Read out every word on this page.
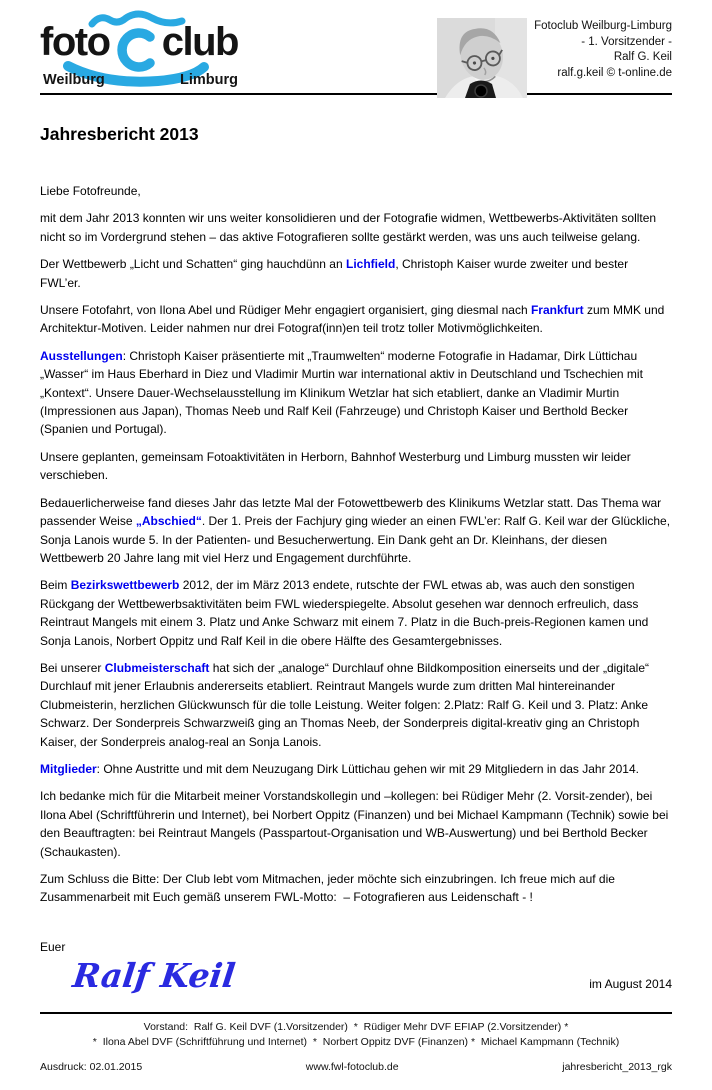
foto club
Weilburg	Limburg
Fotoclub Weilburg-Limburg
- 1. Vorsitzender -
Ralf G. Keil
ralf.g.keil © t-online.de
Jahresbericht 2013

Liebe Fotofreunde,

mit dem Jahr 2013 konnten wir uns weiter konsolidieren und der Fotografie widmen, Wettbewerbs-Aktivitäten sollten nicht so im Vordergrund stehen – das aktive Fotografieren sollte gestärkt werden, was uns auch teilweise gelang.

Der Wettbewerb „Licht und Schatten“ ging hauchdünn an Lichfield, Christoph Kaiser wurde zweiter und bester FWL’er.

Unsere Fotofahrt, von Ilona Abel und Rüdiger Mehr engagiert organisiert, ging diesmal nach Frankfurt zum MMK und Architektur-Motiven. Leider nahmen nur drei Fotograf(inn)en teil trotz toller Motivmöglichkeiten.

Ausstellungen: Christoph Kaiser präsentierte mit „Traumwelten“ moderne Fotografie in Hadamar, Dirk Lüttichau „Wasser“ im Haus Eberhard in Diez und Vladimir Murtin war international aktiv in Deutschland und Tschechien mit „Kontext“. Unsere Dauer-Wechselausstellung im Klinikum Wetzlar hat sich etabliert, danke an Vladimir Murtin (Impressionen aus Japan), Thomas Neeb und Ralf Keil (Fahrzeuge) und Christoph Kaiser und Berthold Becker (Spanien und Portugal).

Unsere geplanten, gemeinsam Fotoaktivitäten in Herborn, Bahnhof Westerburg und Limburg mussten wir leider verschieben.

Bedauerlicherweise fand dieses Jahr das letzte Mal der Fotowettbewerb des Klinikums Wetzlar statt. Das Thema war passender Weise „Abschied“. Der 1. Preis der Fachjury ging wieder an einen FWL’er: Ralf G. Keil war der Glückliche, Sonja Lanois wurde 5. In der Patienten- und Besucherwertung. Ein Dank geht an Dr. Kleinhans, der diesen Wettbewerb 20 Jahre lang mit viel Herz und Engagement durchführte.

Beim Bezirkswettbewerb 2012, der im März 2013 endete, rutschte der FWL etwas ab, was auch den sonstigen Rückgang der Wettbewerbsaktivitäten beim FWL wiederspiegelte. Absolut gesehen war dennoch erfreulich, dass Reintraut Mangels mit einem 3. Platz und Anke Schwarz mit einem 7. Platz in die Buch-preis-Regionen kamen und Sonja Lanois, Norbert Oppitz und Ralf Keil in die obere Hälfte des Gesamtergebnisses.

Bei unserer Clubmeisterschaft hat sich der „analoge“ Durchlauf ohne Bildkomposition einerseits und der „digitale“ Durchlauf mit jener Erlaubnis andererseits etabliert. Reintraut Mangels wurde zum dritten Mal hintereinander Clubmeisterin, herzlichen Glückwunsch für die tolle Leistung. Weiter folgen: 2.Platz: Ralf G. Keil und 3. Platz: Anke Schwarz. Der Sonderpreis Schwarzweiß ging an Thomas Neeb, der Sonderpreis digital-kreativ ging an Christoph Kaiser, der Sonderpreis analog-real an Sonja Lanois.

Mitglieder: Ohne Austritte und mit dem Neuzugang Dirk Lüttichau gehen wir mit 29 Mitgliedern in das Jahr 2014.

Ich bedanke mich für die Mitarbeit meiner Vorstandskollegin und –kollegen: bei Rüdiger Mehr (2. Vorsit-zender), bei Ilona Abel (Schriftführerin und Internet), bei Norbert Oppitz (Finanzen) und bei Michael Kampmann (Technik) sowie bei den Beauftragten: bei Reintraut Mangels (Passpartout-Organisation und WB-Auswertung) und bei Berthold Becker (Schaukasten).

Zum Schluss die Bitte: Der Club lebt vom Mitmachen, jeder möchte sich einzubringen. Ich freue mich auf die Zusammenarbeit mit Euch gemäß unserem FWL-Motto:  – Fotografieren aus Leidenschaft - !

Euer

Ralf Keil	im August 2014
Vorstand:  Ralf G. Keil DVF (1.Vorsitzender)  *  Rüdiger Mehr DVF EFIAP (2.Vorsitzender) *
*  Ilona Abel DVF (Schriftführung und Internet)  *  Norbert Oppitz DVF (Finanzen) *  Michael Kampmann (Technik)
Ausdruck: 02.01.2015	www.fwl-fotoclub.de	jahresbericht_2013_rgk
